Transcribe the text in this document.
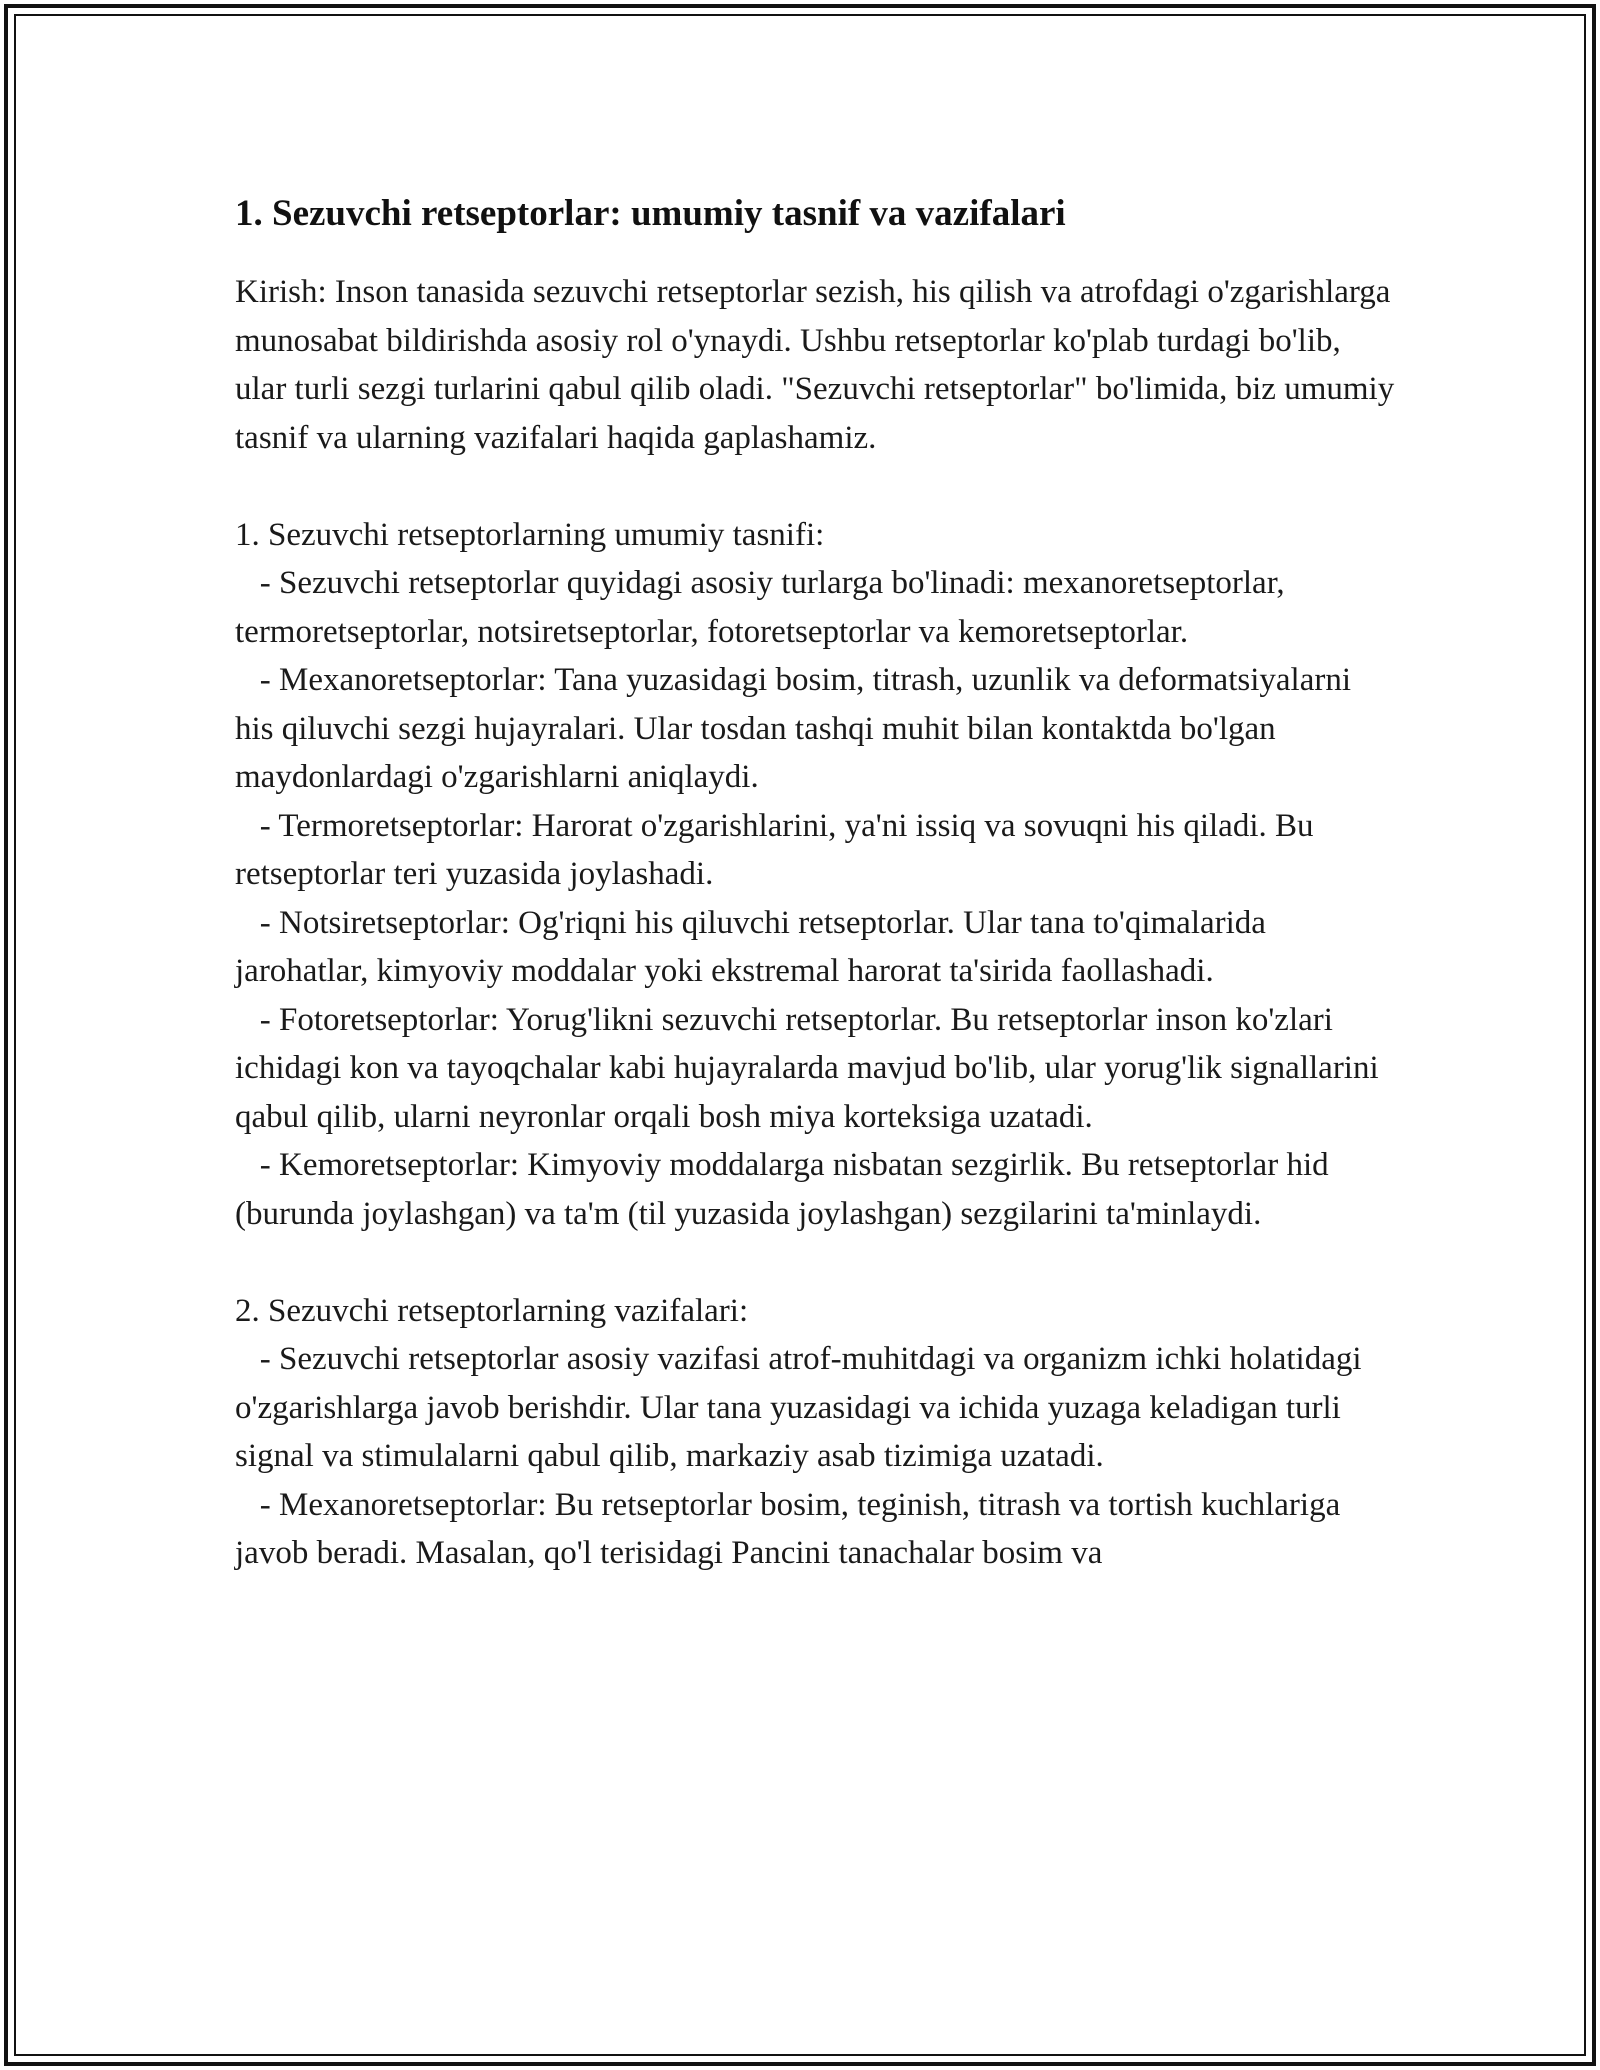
1. Sezuvchi retseptorlar: umumiy tasnif va vazifalari

Kirish: Inson tanasida sezuvchi retseptorlar sezish, his qilish va atrofdagi o'zgarishlarga munosabat bildirishda asosiy rol o'ynaydi. Ushbu retseptorlar ko'plab turdagi bo'lib, ular turli sezgi turlarini qabul qilib oladi. "Sezuvchi retseptorlar" bo'limida, biz umumiy tasnif va ularning vazifalari haqida gaplashamiz.

1. Sezuvchi retseptorlarning umumiy tasnifi:

- Sezuvchi retseptorlar quyidagi asosiy turlarga bo'linadi: mexanoretseptorlar, termoretseptorlar, notsiretseptorlar, fotoretseptorlar va kemoretseptorlar.

- Mexanoretseptorlar: Tana yuzasidagi bosim, titrash, uzunlik va deformatsiyalarni his qiluvchi sezgi hujayralari. Ular tosdan tashqi muhit bilan kontaktda bo'lgan maydonlardagi o'zgarishlarni aniqlaydi.

- Termoretseptorlar: Harorat o'zgarishlarini, ya'ni issiq va sovuqni his qiladi. Bu retseptorlar teri yuzasida joylashadi.

- Notsiretseptorlar: Og'riqni his qiluvchi retseptorlar. Ular tana to'qimalarida jarohatlar, kimyoviy moddalar yoki ekstremal harorat ta'sirida faollashadi.

- Fotoretseptorlar: Yorug'likni sezuvchi retseptorlar. Bu retseptorlar inson ko'zlari ichidagi kon va tayoqchalar kabi hujayralarda mavjud bo'lib, ular yorug'lik signallarini qabul qilib, ularni neyronlar orqali bosh miya korteksiga uzatadi.

- Kemoretseptorlar: Kimyoviy moddalarga nisbatan sezgirlik. Bu retseptorlar hid (burunda joylashgan) va ta'm (til yuzasida joylashgan) sezgilarini ta'minlaydi.

2. Sezuvchi retseptorlarning vazifalari:

- Sezuvchi retseptorlar asosiy vazifasi atrof-muhitdagi va organizm ichki holatidagi o'zgarishlarga javob berishdir. Ular tana yuzasidagi va ichida yuzaga keladigan turli signal va stimulalarni qabul qilib, markaziy asab tizimiga uzatadi.

- Mexanoretseptorlar: Bu retseptorlar bosim, teginish, titrash va tortish kuchlariga javob beradi. Masalan, qo'l terisidagi Pancini tanachalar bosim va
